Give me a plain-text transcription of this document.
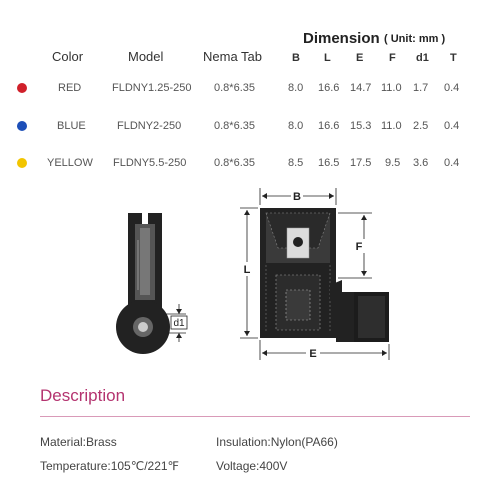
Color	Model	Nema Tab
Dimension ( Unit: mm )
B L E F d1 T
RED	FLDNY1.25-250 0.8*6.35	8.0 16.6 14.7 11.0 1.7 0.4
BLUE	FLDNY2-250	0.8*6.35	8.0 16.6 15.3 11.0 2.5 0.4
YELLOW FLDNY5.5-250	0.8*6.35	8.5 16.5 17.5 9.5 3.6 0.4
B
L
F
E
d1
Description
Material:Brass	Insulation:Nylon(PA66)
Temperature:105℃/221℉	Voltage:400V
